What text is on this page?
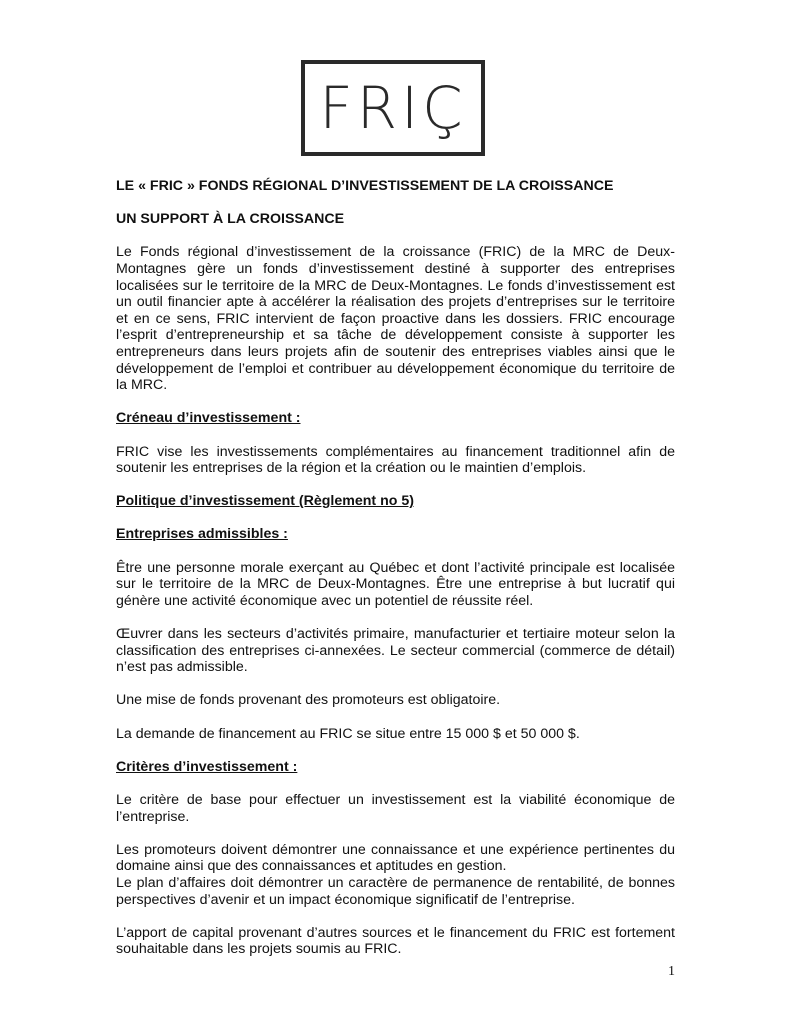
FRIÇ

LE « FRIC » FONDS RÉGIONAL D’INVESTISSEMENT DE LA CROISSANCE

UN SUPPORT À LA CROISSANCE

Le Fonds régional d’investissement de la croissance (FRIC) de la MRC de Deux-Montagnes gère un fonds d’investissement destiné à supporter des entreprises localisées sur le territoire de la MRC de Deux-Montagnes. Le fonds d’investissement est un outil financier apte à accélérer la réalisation des projets d’entreprises sur le territoire et en ce sens, FRIC intervient de façon proactive dans les dossiers. FRIC encourage l’esprit d’entrepreneurship et sa tâche de développement consiste à supporter les entrepreneurs dans leurs projets afin de soutenir des entreprises viables ainsi que le développement de l’emploi et contribuer au développement économique du territoire de la MRC.

Créneau d’investissement :

FRIC vise les investissements complémentaires au financement traditionnel afin de soutenir les entreprises de la région et la création ou le maintien d’emplois.

Politique d’investissement (Règlement no 5)

Entreprises admissibles :

Être une personne morale exerçant au Québec et dont l’activité principale est localisée sur le territoire de la MRC de Deux-Montagnes. Être une entreprise à but lucratif qui génère une activité économique avec un potentiel de réussite réel.

Œuvrer dans les secteurs d’activités primaire, manufacturier et tertiaire moteur selon la classification des entreprises ci-annexées. Le secteur commercial (commerce de détail) n’est pas admissible.

Une mise de fonds provenant des promoteurs est obligatoire.

La demande de financement au FRIC se situe entre 15 000 $ et 50 000 $.

Critères d’investissement :

Le critère de base pour effectuer un investissement est la viabilité économique de l’entreprise.

Les promoteurs doivent démontrer une connaissance et une expérience pertinentes du domaine ainsi que des connaissances et aptitudes en gestion.

Le plan d’affaires doit démontrer un caractère de permanence de rentabilité, de bonnes perspectives d’avenir et un impact économique significatif de l’entreprise.

L’apport de capital provenant d’autres sources et le financement du FRIC est fortement souhaitable dans les projets soumis au FRIC.

1
